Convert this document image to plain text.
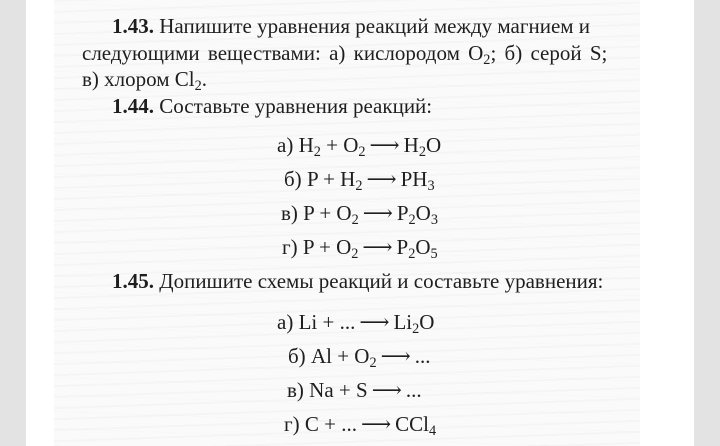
1.43. Напишите уравнения реакций между магнием и
следующими веществами: а) кислородом $O_2$; б) серой S;
в) хлором $Cl_2$.
1.44. Составьте уравнения реакций:
а) $H_2 + O_2$ ⟶ $H_2O$
б) $P + H_2$ ⟶ $PH_3$
в) $P + O_2$ ⟶ $P_2O_3$
г) $P + O_2$ ⟶ $P_2O_5$
1.45. Допишите схемы реакций и составьте уравнения:
а) Li + ... ⟶ $Li_2O$
б) $Al + O_2$ ⟶ ...
в) Na + S ⟶ ...
г) C + ... ⟶ CCl$_4$
